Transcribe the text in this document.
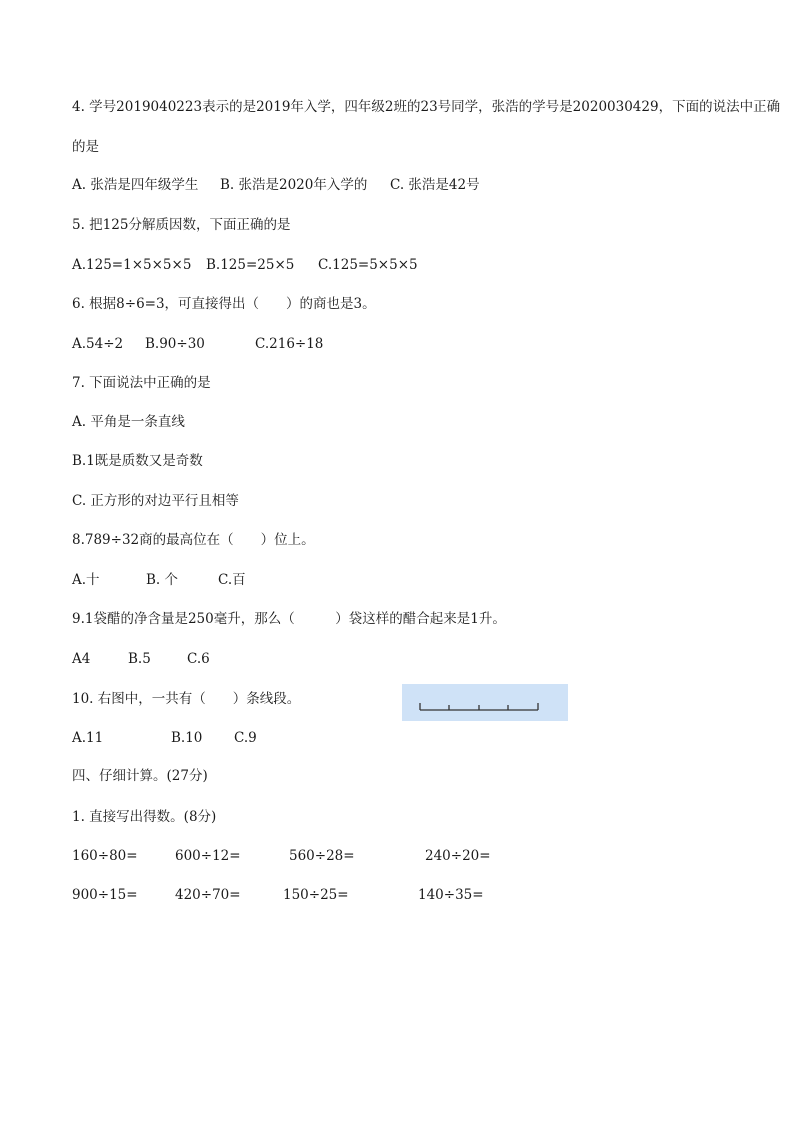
4. 学号2019040223表示的是2019年入学，四年级2班的23号同学，张浩的学号是2020030429，下面的说法中正确
的是
A. 张浩是四年级学生 B. 张浩是2020年入学的 C. 张浩是42号
5. 把125分解质因数，下面正确的是
A.125=1×5×5×5 B.125=25×5 C.125=5×5×5
6. 根据8÷6=3，可直接得出（　　）的商也是3。
A.54÷2 B.90÷30	C.216÷18
7. 下面说法中正确的是
A. 平角是一条直线
B.1既是质数又是奇数
C. 正方形的对边平行且相等
8.789÷32商的最高位在（　　）位上。
A.十	B. 个	C.百
9.1袋醋的净含量是250毫升，那么（　　　）袋这样的醋合起来是1升。
A4	B.5	C.6
10. 右图中，一共有（　　）条线段。
A.11	B.10 C.9
四、仔细计算。(27分)
1. 直接写出得数。(8分)
160÷80=	600÷12=	560÷28=	240÷20=
900÷15=	420÷70=	150÷25=	140÷35=
